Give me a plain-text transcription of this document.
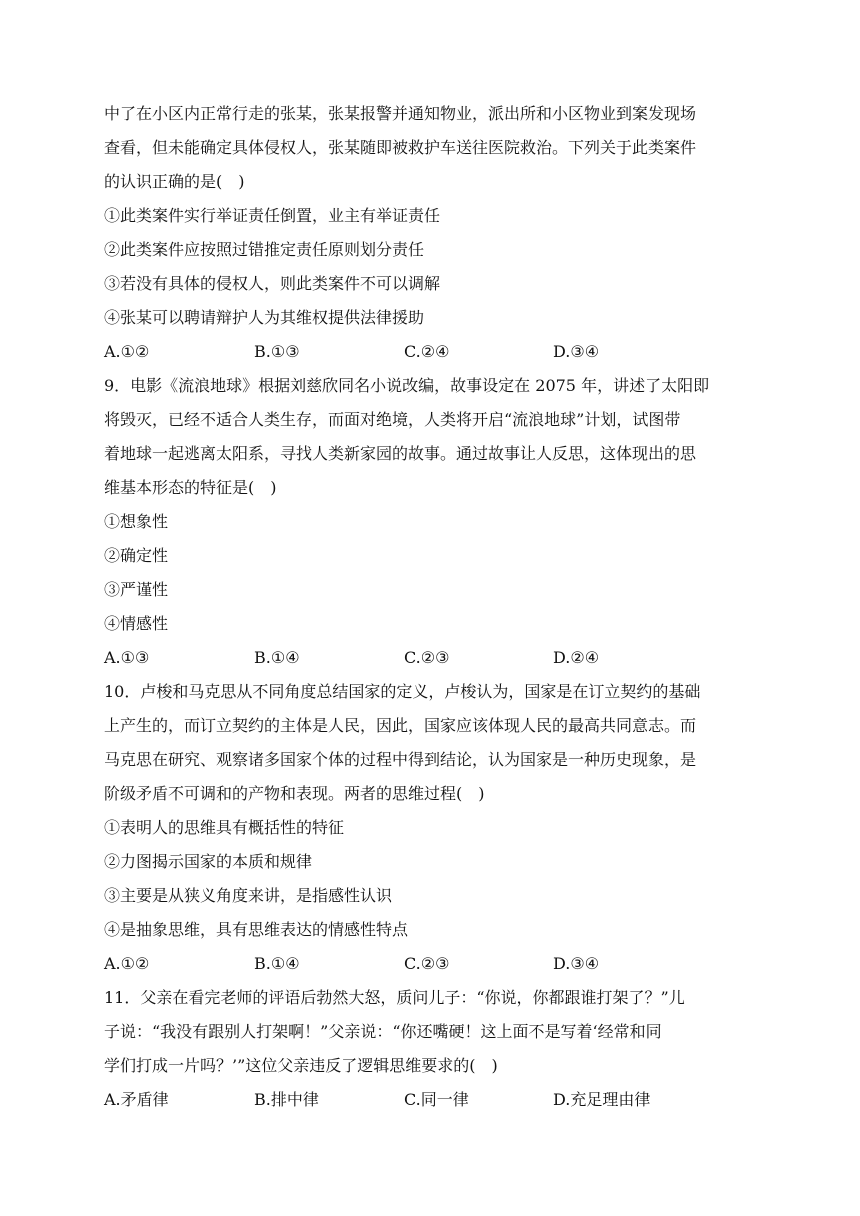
中了在小区内正常行走的张某，张某报警并通知物业，派出所和小区物业到案发现场
查看，但未能确定具体侵权人，张某随即被救护车送往医院救治。下列关于此类案件
的认识正确的是(　)
①此类案件实行举证责任倒置，业主有举证责任
②此类案件应按照过错推定责任原则划分责任
③若没有具体的侵权人，则此类案件不可以调解
④张某可以聘请辩护人为其维权提供法律援助
A.①②	B.①③	C.②④	D.③④
9．电影《流浪地球》根据刘慈欣同名小说改编，故事设定在 2075 年，讲述了太阳即
将毁灭，已经不适合人类生存，而面对绝境，人类将开启“流浪地球”计划，试图带
着地球一起逃离太阳系，寻找人类新家园的故事。通过故事让人反思，这体现出的思
维基本形态的特征是(　)
①想象性
②确定性
③严谨性
④情感性
A.①③	B.①④	C.②③	D.②④
10．卢梭和马克思从不同角度总结国家的定义，卢梭认为，国家是在订立契约的基础
上产生的，而订立契约的主体是人民，因此，国家应该体现人民的最高共同意志。而
马克思在研究、观察诸多国家个体的过程中得到结论，认为国家是一种历史现象，是
阶级矛盾不可调和的产物和表现。两者的思维过程(　)
①表明人的思维具有概括性的特征
②力图揭示国家的本质和规律
③主要是从狭义角度来讲，是指感性认识
④是抽象思维，具有思维表达的情感性特点
A.①②	B.①④	C.②③	D.③④
11．父亲在看完老师的评语后勃然大怒，质问儿子：“你说，你都跟谁打架了？”儿
子说：“我没有跟别人打架啊！”父亲说：“你还嘴硬！这上面不是写着‘经常和同
学们打成一片吗？’”这位父亲违反了逻辑思维要求的(　)
A.矛盾律	B.排中律	C.同一律	D.充足理由律
